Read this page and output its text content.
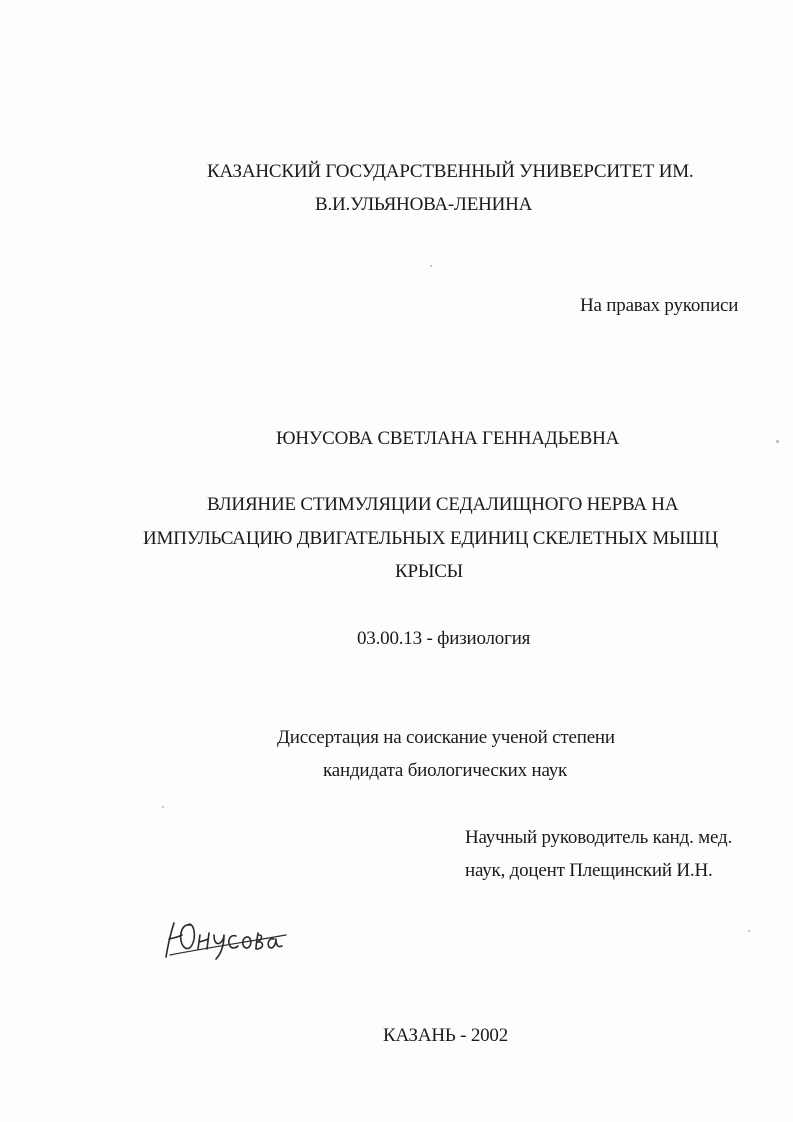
КАЗАНСКИЙ ГОСУДАРСТВЕННЫЙ УНИВЕРСИТЕТ ИМ.
В.И.УЛЬЯНОВА-ЛЕНИНА
На правах рукописи
ЮНУСОВА СВЕТЛАНА ГЕННАДЬЕВНА
ВЛИЯНИЕ СТИМУЛЯЦИИ СЕДАЛИЩНОГО НЕРВА НА
ИМПУЛЬСАЦИЮ ДВИГАТЕЛЬНЫХ ЕДИНИЦ СКЕЛЕТНЫХ МЫШЦ
КРЫСЫ
03.00.13 - физиология
Диссертация на соискание ученой степени
кандидата биологических наук
Научный руководитель канд. мед.
наук, доцент Плещинский И.Н.
КАЗАНЬ - 2002
